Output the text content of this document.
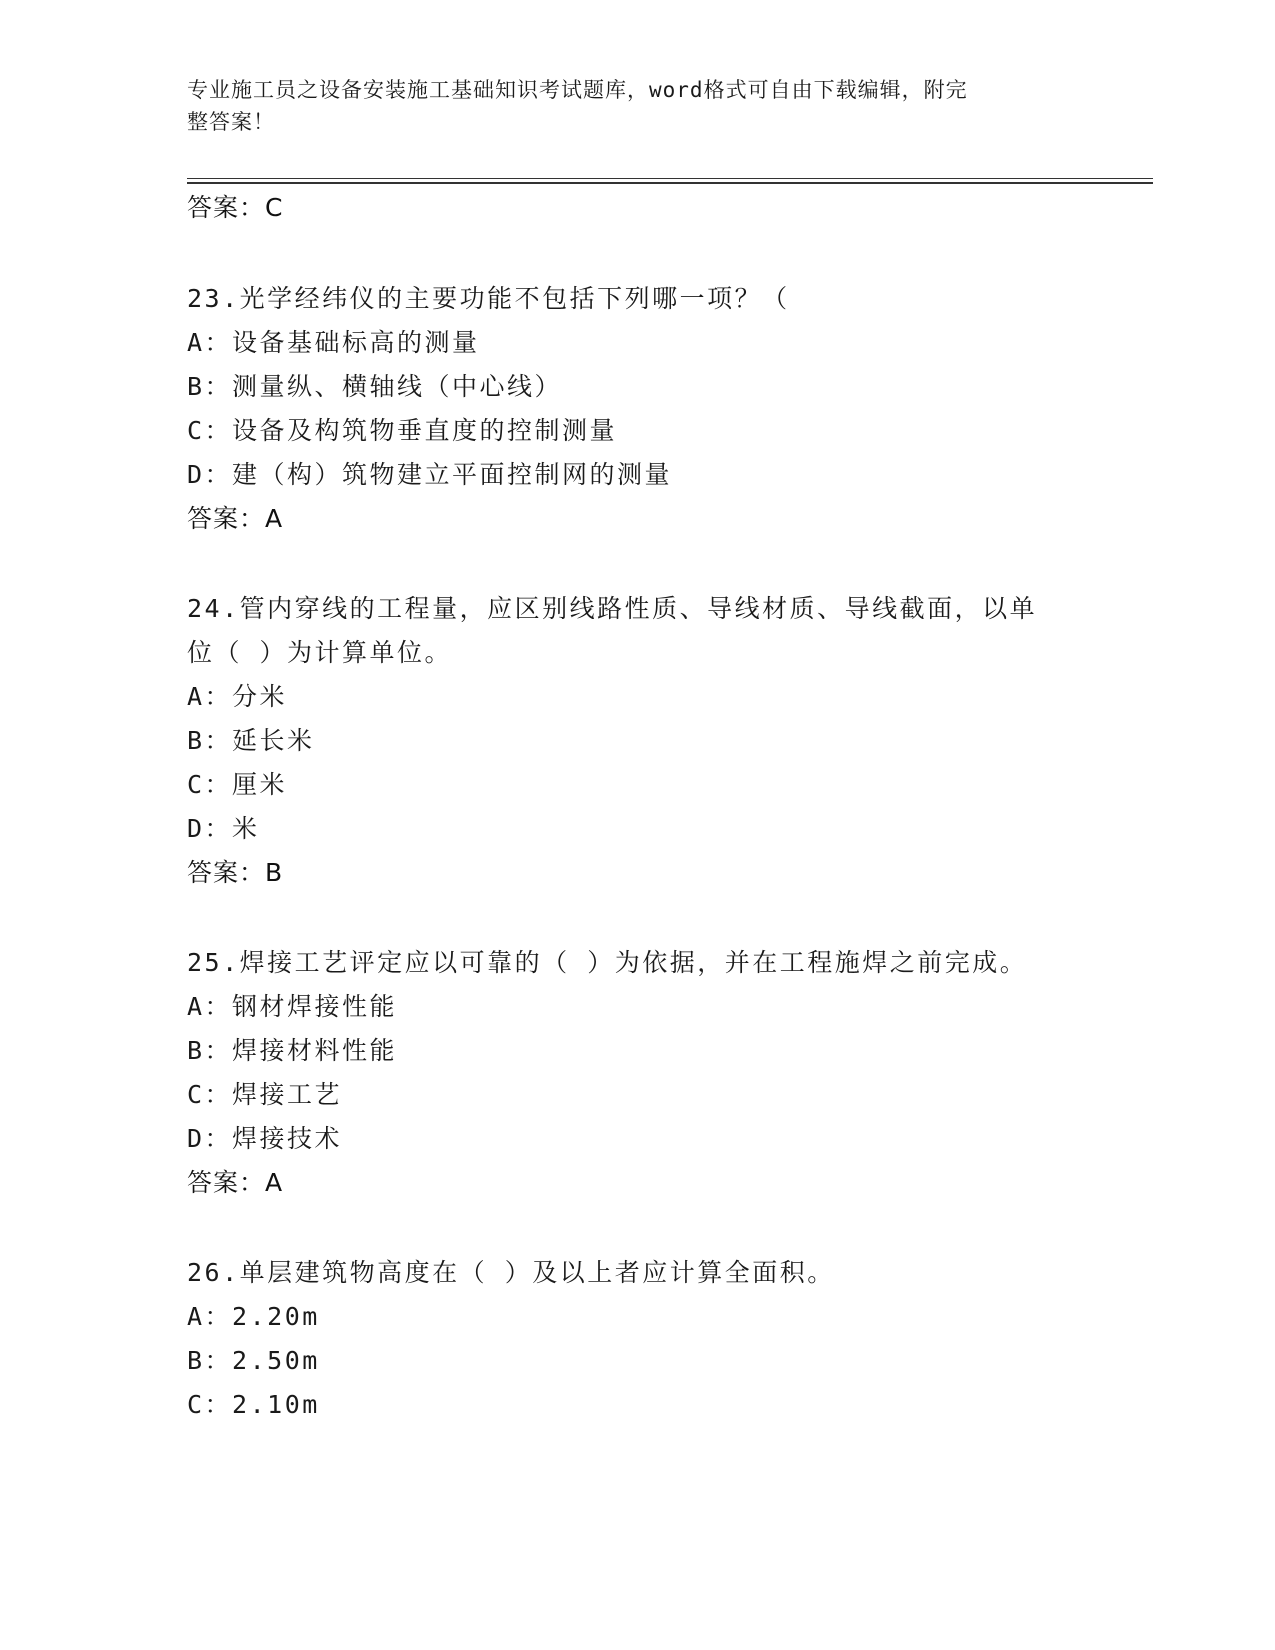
专业施工员之设备安装施工基础知识考试题库，word格式可自由下载编辑，附完
整答案！
答案：C
23.光学经纬仪的主要功能不包括下列哪一项？（
A：设备基础标高的测量
B：测量纵、横轴线（中心线）
C：设备及构筑物垂直度的控制测量
D：建（构）筑物建立平面控制网的测量
答案：A
24.管内穿线的工程量，应区别线路性质、导线材质、导线截面，以单
位（ ）为计算单位。
A：分米
B：延长米
C：厘米
D：米
答案：B
25.焊接工艺评定应以可靠的（ ）为依据，并在工程施焊之前完成。
A：钢材焊接性能
B：焊接材料性能
C：焊接工艺
D：焊接技术
答案：A
26.单层建筑物高度在（ ）及以上者应计算全面积。
A：2.20m
B：2.50m
C：2.10m
